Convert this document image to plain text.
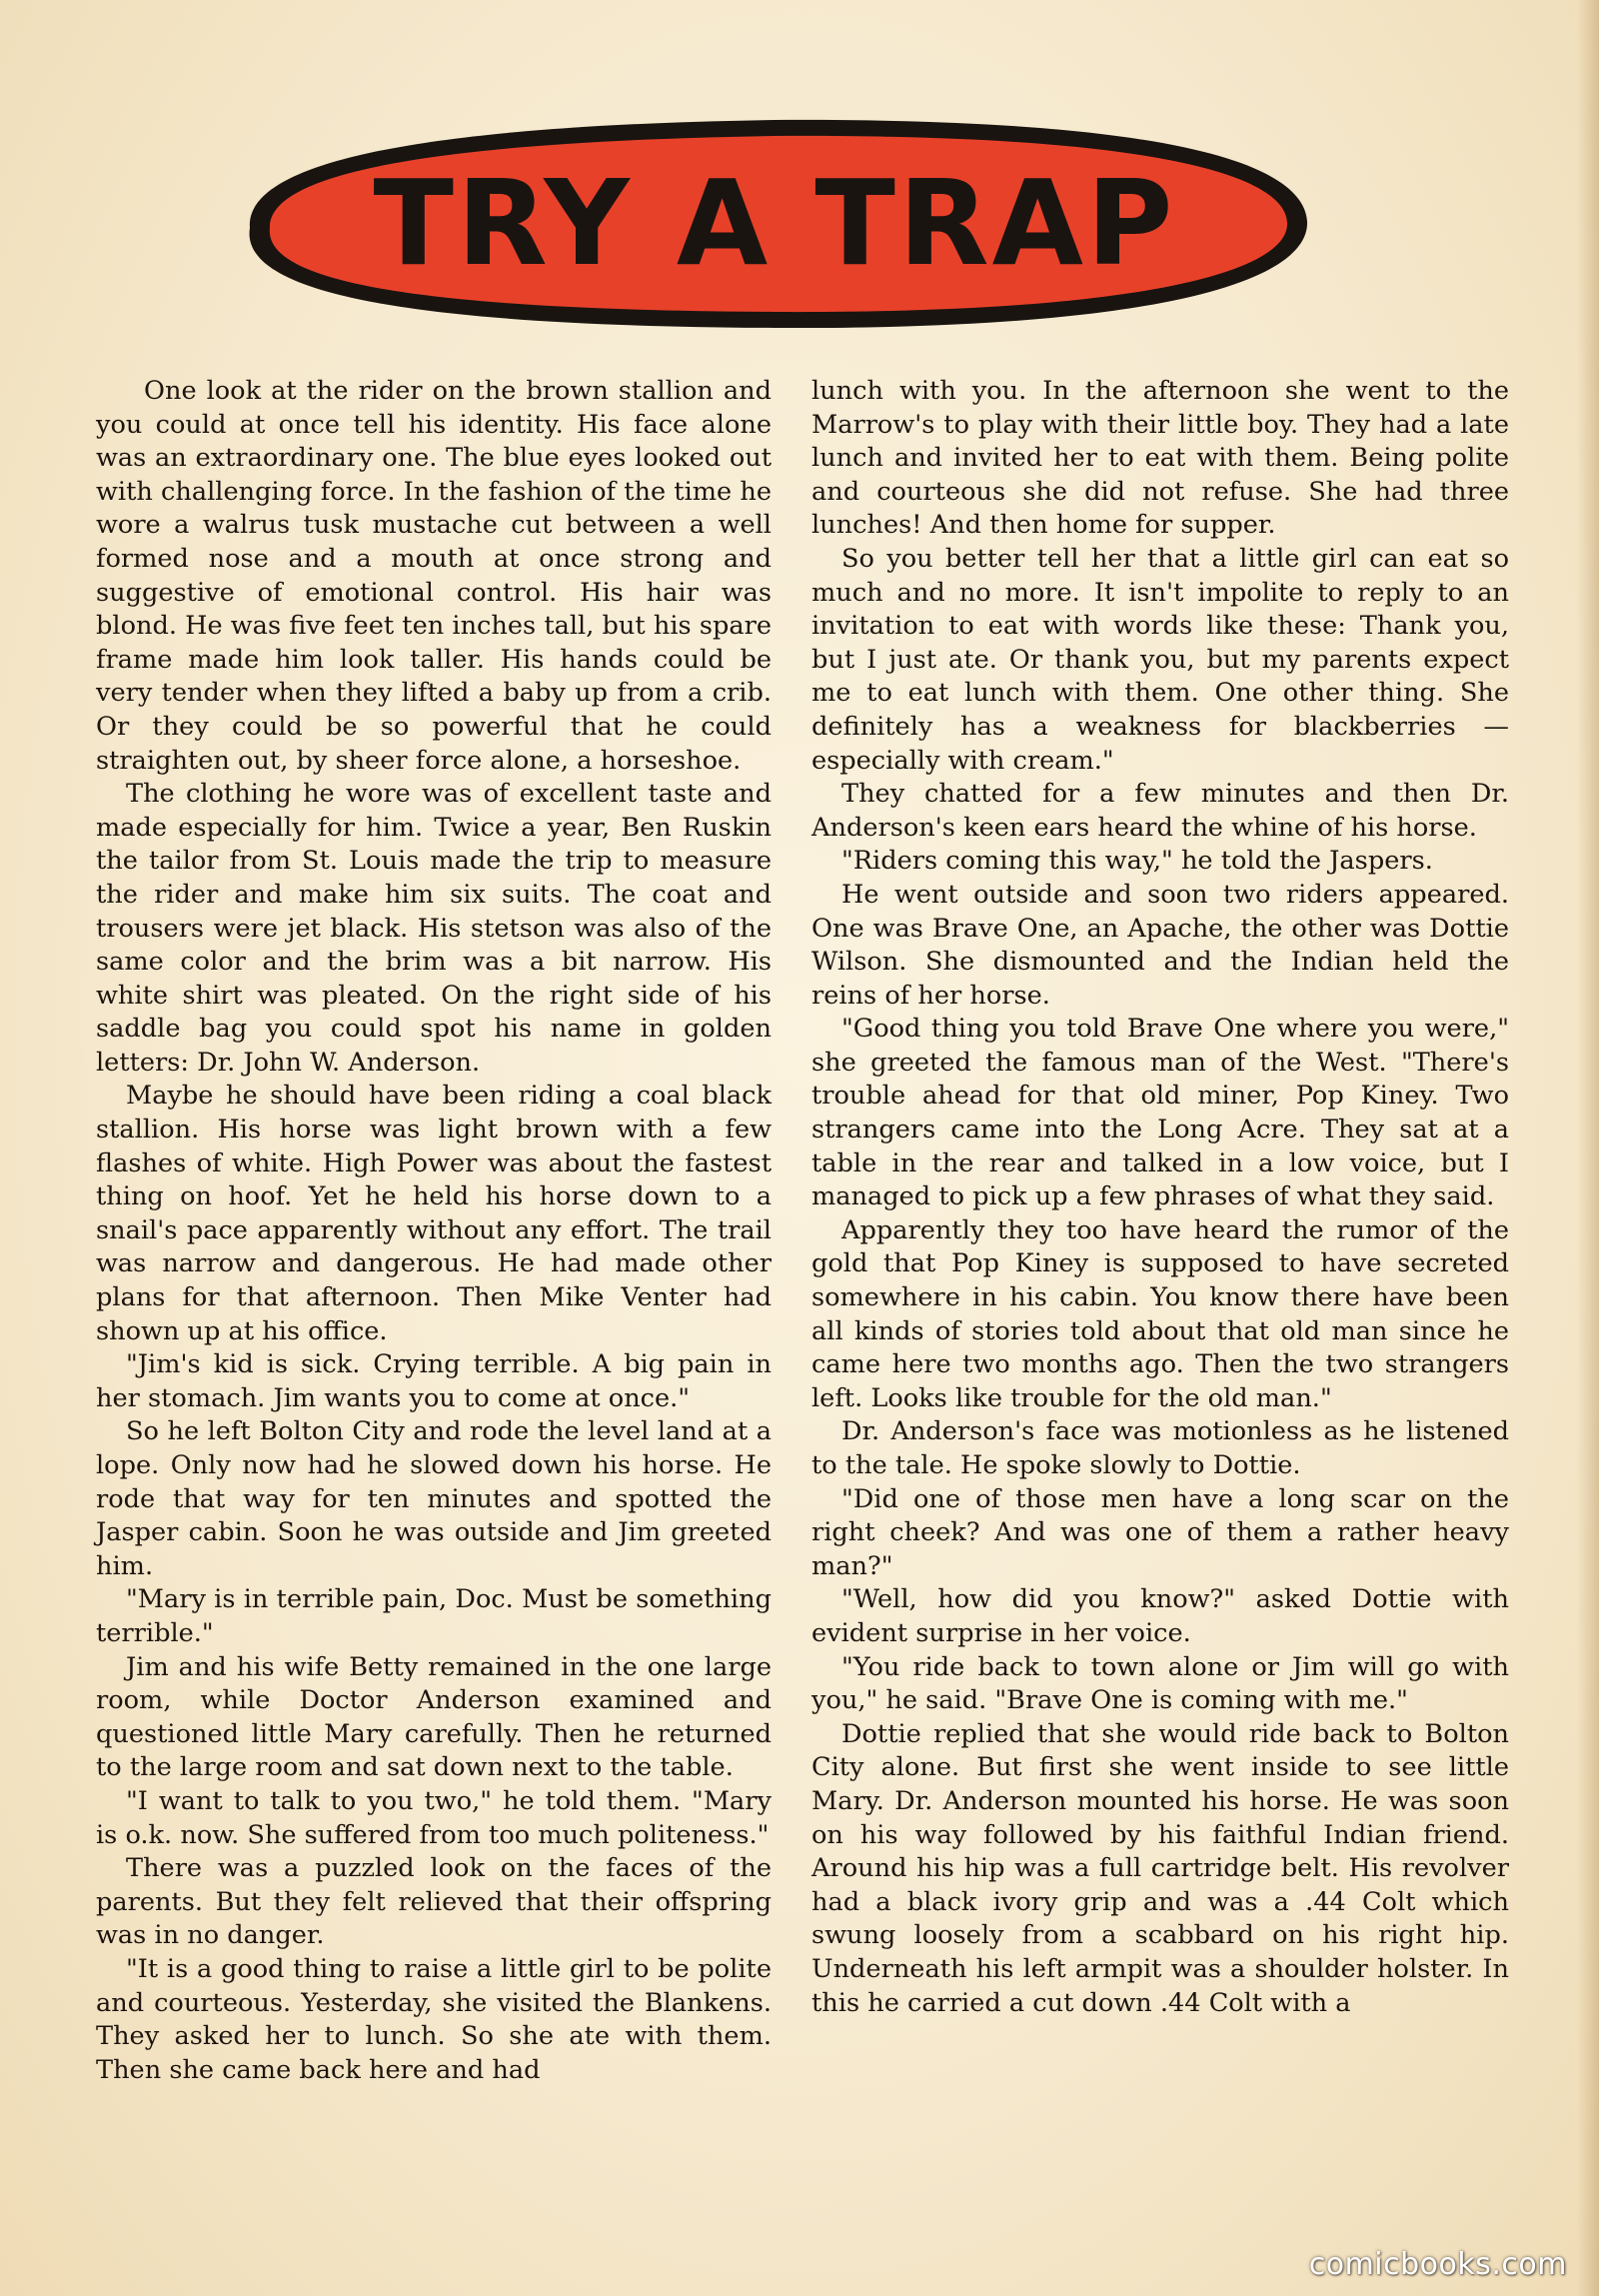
TRY A TRAP

One look at the rider on the brown stallion and you could at once tell his identity. His face alone was an extraordinary one. The blue eyes looked out with challenging force. In the fashion of the time he wore a walrus tusk mustache cut between a well formed nose and a mouth at once strong and suggestive of emotional control. His hair was blond. He was five feet ten inches tall, but his spare frame made him look taller. His hands could be very tender when they lifted a baby up from a crib. Or they could be so powerful that he could straighten out, by sheer force alone, a horseshoe.

The clothing he wore was of excellent taste and made especially for him. Twice a year, Ben Ruskin the tailor from St. Louis made the trip to measure the rider and make him six suits. The coat and trousers were jet black. His stetson was also of the same color and the brim was a bit narrow. His white shirt was pleated. On the right side of his saddle bag you could spot his name in golden letters: Dr. John W. Anderson.

Maybe he should have been riding a coal black stallion. His horse was light brown with a few flashes of white. High Power was about the fastest thing on hoof. Yet he held his horse down to a snail's pace apparently without any effort. The trail was narrow and dangerous. He had made other plans for that afternoon. Then Mike Venter had shown up at his office.

"Jim's kid is sick. Crying terrible. A big pain in her stomach. Jim wants you to come at once."

So he left Bolton City and rode the level land at a lope. Only now had he slowed down his horse. He rode that way for ten minutes and spotted the Jasper cabin. Soon he was outside and Jim greeted him.

"Mary is in terrible pain, Doc. Must be something terrible."

Jim and his wife Betty remained in the one large room, while Doctor Anderson examined and questioned little Mary carefully. Then he returned to the large room and sat down next to the table.

"I want to talk to you two," he told them. "Mary is o.k. now. She suffered from too much politeness."

There was a puzzled look on the faces of the parents. But they felt relieved that their offspring was in no danger.

"It is a good thing to raise a little girl to be polite and courteous. Yesterday, she visited the Blankens. They asked her to lunch. So she ate with them. Then she came back here and had

lunch with you. In the afternoon she went to the Marrow's to play with their little boy. They had a late lunch and invited her to eat with them. Being polite and courteous she did not refuse. She had three lunches! And then home for supper.

So you better tell her that a little girl can eat so much and no more. It isn't impolite to reply to an invitation to eat with words like these: Thank you, but I just ate. Or thank you, but my parents expect me to eat lunch with them. One other thing. She definitely has a weakness for blackberries — especially with cream."

They chatted for a few minutes and then Dr. Anderson's keen ears heard the whine of his horse.

"Riders coming this way," he told the Jaspers.

He went outside and soon two riders appeared. One was Brave One, an Apache, the other was Dottie Wilson. She dismounted and the Indian held the reins of her horse.

"Good thing you told Brave One where you were," she greeted the famous man of the West. "There's trouble ahead for that old miner, Pop Kiney. Two strangers came into the Long Acre. They sat at a table in the rear and talked in a low voice, but I managed to pick up a few phrases of what they said.

Apparently they too have heard the rumor of the gold that Pop Kiney is supposed to have secreted somewhere in his cabin. You know there have been all kinds of stories told about that old man since he came here two months ago. Then the two strangers left. Looks like trouble for the old man."

Dr. Anderson's face was motionless as he listened to the tale. He spoke slowly to Dottie.

"Did one of those men have a long scar on the right cheek? And was one of them a rather heavy man?"

"Well, how did you know?" asked Dottie with evident surprise in her voice.

"You ride back to town alone or Jim will go with you," he said. "Brave One is coming with me."

Dottie replied that she would ride back to Bolton City alone. But first she went inside to see little Mary. Dr. Anderson mounted his horse. He was soon on his way followed by his faithful Indian friend. Around his hip was a full cartridge belt. His revolver had a black ivory grip and was a .44 Colt which swung loosely from a scabbard on his right hip. Underneath his left armpit was a shoulder holster. In this he carried a cut down .44 Colt with a

comicbooks.com
